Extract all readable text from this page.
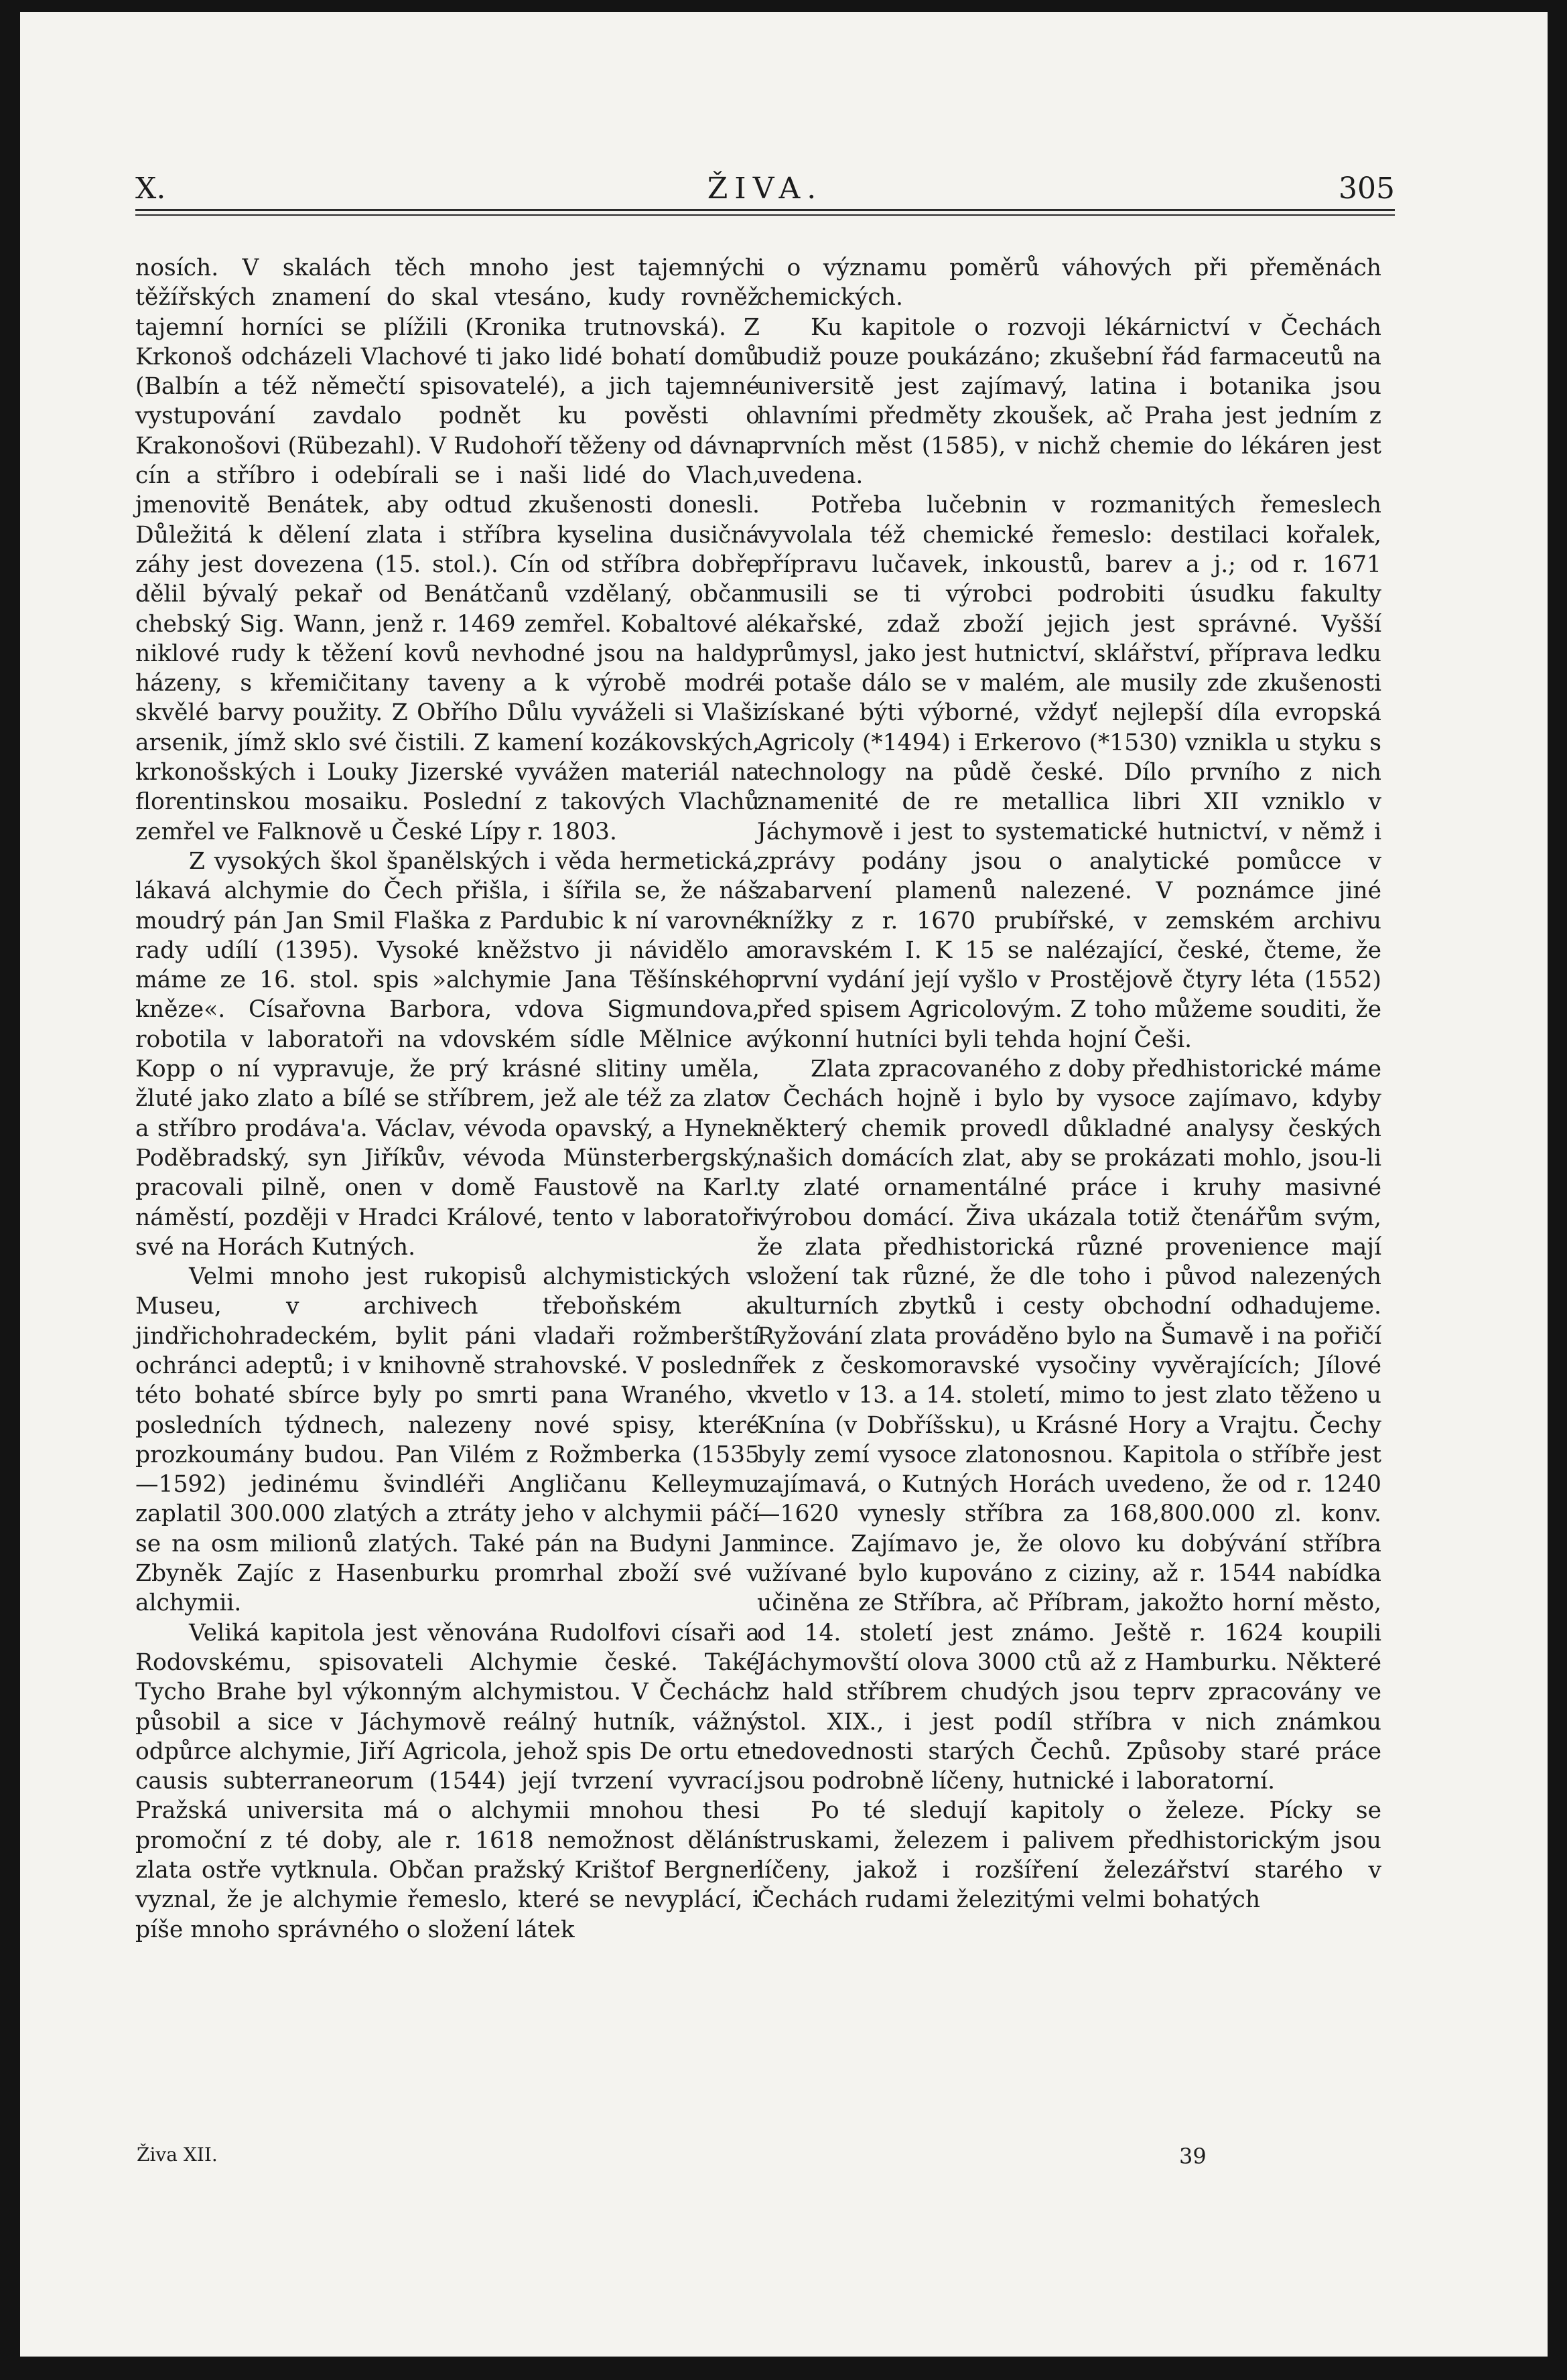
X.	ŽIVA.	305

nosích. V skalách těch mnoho jest tajemných těžířských znamení do skal vtesáno, kudy rovněž tajemní horníci se plížili (Kronika trutnovská). Z Krkonoš odcházeli Vlachové ti jako lidé bohatí domů (Balbín a též němečtí spisovatelé), a jich tajemné vystupování zavdalo podnět ku pověsti o Krakonošovi (Rübezahl). V Rudohoří těženy od dávna cín a stříbro i odebírali se i naši lidé do Vlach, jmenovitě Benátek, aby odtud zkušenosti donesli. Důležitá k dělení zlata i stříbra kyselina dusičná záhy jest dovezena (15. stol.). Cín od stříbra dobře dělil bývalý pekař od Benátčanů vzdělaný, občan chebský Sig. Wann, jenž r. 1469 zemřel. Kobaltové a niklové rudy k těžení kovů nevhodné jsou na haldy házeny, s křemičitany taveny a k výrobě modré skvělé barvy použity. Z Obřího Důlu vyváželi si Vlaši arsenik, jímž sklo své čistili. Z kamení kozákovských, krkonošských i Louky Jizerské vyvážen materiál na florentinskou mosaiku. Poslední z takových Vlachů zemřel ve Falknově u České Lípy r. 1803.

Z vysokých škol španělských i věda hermetická, lákavá alchymie do Čech přišla, i šířila se, že náš moudrý pán Jan Smil Flaška z Pardubic k ní varovné rady udílí (1395). Vysoké kněžstvo ji návidělo a máme ze 16. stol. spis »alchymie Jana Těšínského kněze«. Císařovna Barbora, vdova Sigmundova, robotila v laboratoři na vdovském sídle Mělnice a Kopp o ní vypravuje, že prý krásné slitiny uměla, žluté jako zlato a bílé se stříbrem, jež ale též za zlato a stříbro prodáva'a. Václav, vévoda opavský, a Hynek Poděbradský, syn Jiříkův, vévoda Münsterbergský, pracovali pilně, onen v domě Faustově na Karl. náměstí, později v Hradci Králové, tento v laboratoři své na Horách Kutných.

Velmi mnoho jest rukopisů alchymistických v Museu, v archivech třeboňském a jindřichohradeckém, bylit páni vladaři rožmberští ochránci adeptů; i v knihovně strahovské. V poslední této bohaté sbírce byly po smrti pana Wraného, v posledních týdnech, nalezeny nové spisy, které prozkoumány budou. Pan Vilém z Rožmberka (1535—1592) jedinému švindléři Angličanu Kelleymu zaplatil 300.000 zlatých a ztráty jeho v alchymii páčí se na osm milionů zlatých. Také pán na Budyni Jan Zbyněk Zajíc z Hasenburku promrhal zboží své v alchymii.

Veliká kapitola jest věnována Rudolfovi císaři a Rodovskému, spisovateli Alchymie české. Také Tycho Brahe byl výkonným alchymistou. V Čechách působil a sice v Jáchymově reálný hutník, vážný odpůrce alchymie, Jiří Agricola, jehož spis De ortu et causis subterraneorum (1544) její tvrzení vyvrací. Pražská universita má o alchymii mnohou thesi promoční z té doby, ale r. 1618 nemožnost dělání zlata ostře vytknula. Občan pražský Krištof Bergner vyznal, že je alchymie řemeslo, které se nevyplácí, i píše mnoho správného o složení látek

i o významu poměrů váhových při přeměnách chemických.

Ku kapitole o rozvoji lékárnictví v Čechách budiž pouze poukázáno; zkušební řád farmaceutů na universitě jest zajímavý, latina i botanika jsou hlavními předměty zkoušek, ač Praha jest jedním z prvních měst (1585), v nichž chemie do lékáren jest uvedena.

Potřeba lučebnin v rozmanitých řemeslech vyvolala též chemické řemeslo: destilaci kořalek, přípravu lučavek, inkoustů, barev a j.; od r. 1671 musili se ti výrobci podrobiti úsudku fakulty lékařské, zdaž zboží jejich jest správné. Vyšší průmysl, jako jest hutnictví, sklářství, příprava ledku i potaše dálo se v malém, ale musily zde zkušenosti získané býti výborné, vždyť nejlepší díla evropská Agricoly (*1494) i Erkerovo (*1530) vznikla u styku s technology na půdě české. Dílo prvního z nich znamenité de re metallica libri XII vzniklo v Jáchymově i jest to systematické hutnictví, v němž i zprávy podány jsou o analytické pomůcce v zabarvení plamenů nalezené. V poznámce jiné knížky z r. 1670 prubířské, v zemském archivu moravském I. K 15 se nalézající, české, čteme, že první vydání její vyšlo v Prostějově čtyry léta (1552) před spisem Agricolovým. Z toho můžeme souditi, že výkonní hutníci byli tehda hojní Češi.

Zlata zpracovaného z doby předhistorické máme v Čechách hojně i bylo by vysoce zajímavo, kdyby některý chemik provedl důkladné analysy českých našich domácích zlat, aby se prokázati mohlo, jsou-li ty zlaté ornamentálné práce i kruhy masivné výrobou domácí. Živa ukázala totiž čtenářům svým, že zlata předhistorická různé provenience mají složení tak různé, že dle toho i původ nalezených kulturních zbytků i cesty obchodní odhadujeme. Ryžování zlata prováděno bylo na Šumavě i na pořičí řek z českomoravské vysočiny vyvěrajících; Jílové kvetlo v 13. a 14. století, mimo to jest zlato těženo u Knína (v Dobříšsku), u Krásné Hory a Vrajtu. Čechy byly zemí vysoce zlatonosnou. Kapitola o stříbře jest zajímavá, o Kutných Horách uvedeno, že od r. 1240—1620 vynesly stříbra za 168,800.000 zl. konv. mince. Zajímavo je, že olovo ku dobývání stříbra užívané bylo kupováno z ciziny, až r. 1544 nabídka učiněna ze Stříbra, ač Příbram, jakožto horní město, od 14. století jest známo. Ještě r. 1624 koupili Jáchymovští olova 3000 ctů až z Hamburku. Některé z hald stříbrem chudých jsou teprv zpracovány ve stol. XIX., i jest podíl stříbra v nich známkou nedovednosti starých Čechů. Způsoby staré práce jsou podrobně líčeny, hutnické i laboratorní.

Po té sledují kapitoly o železe. Pícky se struskami, železem i palivem předhistorickým jsou líčeny, jakož i rozšíření železářství starého v Čechách rudami železitými velmi bohatých

Živa XII.	39
